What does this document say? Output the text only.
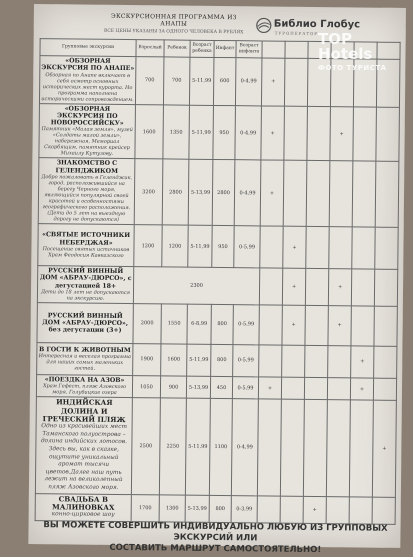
ЭКСКУРСИОННАЯ ПРОГРАММА ИЗ
АНАПЫ
ВСЕ ЦЕНЫ УКАЗАНЫ ЗА ОДНОГО ЧЕЛОВЕКА В РУБЛЯХ
Библио Глобус
ТУРОПЕРАТОР
Групповые экскурсии	Взрослый	Ребенок	Возраст ребенка	Инфант	Возраст инфанта						

«ОБЗОРНАЯ ЭКСКУРСИЯ ПО АНАПЕ»
Обзорная по Анапе включает в себя осмотр основных исторических мест курорта. Но программа наполнена историческими сопровождением.	700	700	5-11,99	600	0-4,99	+					

«ОБЗОРНАЯ ЭКСКУРСИЯ ПО НОВОРОССИЙСКУ»
Памятник «Малая земля», музей «Солдаты малой земли», набережная, Мемориал Скорбящим, памятник крейсер Михаилу Кутузову.	1600	1350	5-11,99	950	0-4,99	+			+		

ЗНАКОМСТВО С ГЕЛЕНДЖИКОМ
Добро пожаловать в Геленджик, город, расположившийся на берегу Черного моря, являющийся популярной своей красотой и особенностями географического расположения. (Дети до 5 лет на выездную дорогу не допускаются)	3200	2800	5-13,99	2800	0-4,99	+					

«СВЯТЫЕ ИСТОЧНИКИ НЕБЕРДЖАЯ»
Посещение святых источников Храм Феодосия Кавказского	1200	1200	5-11,99	950	0-5,99		+				

РУССКИЙ ВИННЫЙ ДОМ «АБРАУ-ДЮРСО», с дегустацией 18+
Дети до 18 лет не допускаются на экскурсию.	2300						+		+		

РУССКИЙ ВИННЫЙ ДОМ «АБРАУ-ДЮРСО», без дегустации (3+)	2000	1550	6-8,99	800	0-5,99		+		+		

В ГОСТИ К ЖИВОТНЫМ
Интересная и веселая программа для наших самых маленьких гостей.	1900	1600	5-11,99	800	0-5,99					+	

«ПОЕЗДКА НА АЗОВ»
Храм Гефест, пляж Азовского моря, Голубицкие озера	1050	900	5-13,99	450	0-5,99	+				+	

ИНДИЙСКАЯ ДОЛИНА И ГРЕЧЕСКИЙ ПЛЯЖ
Одно из красивейших мест Таманского полуострова – долина индийских лотосов. Здесь вы, как в сказке, ощутите уникальный аромат тысячи цветов.Далее наш путь лежит на великолепный пляж Азовского моря.	2500	2250	5-11,99	1100	0-4,99						+

СВАДЬБА В МАЛИНОВКАХ
конно-цирковое шоу	1700	1300	5-13,99	800	0-3,99			+			
ВЫ МОЖЕТЕ СОВЕРШИТЬ ИНДИВИДУАЛЬНО ЛЮБУЮ ИЗ ГРУППОВЫХ ЭКСКУРСИЙ ИЛИ
СОСТАВИТЬ МАРШРУТ САМОСТОЯТЕЛЬНО!
TOP Hotels
ФОТО ТУРИСТА
